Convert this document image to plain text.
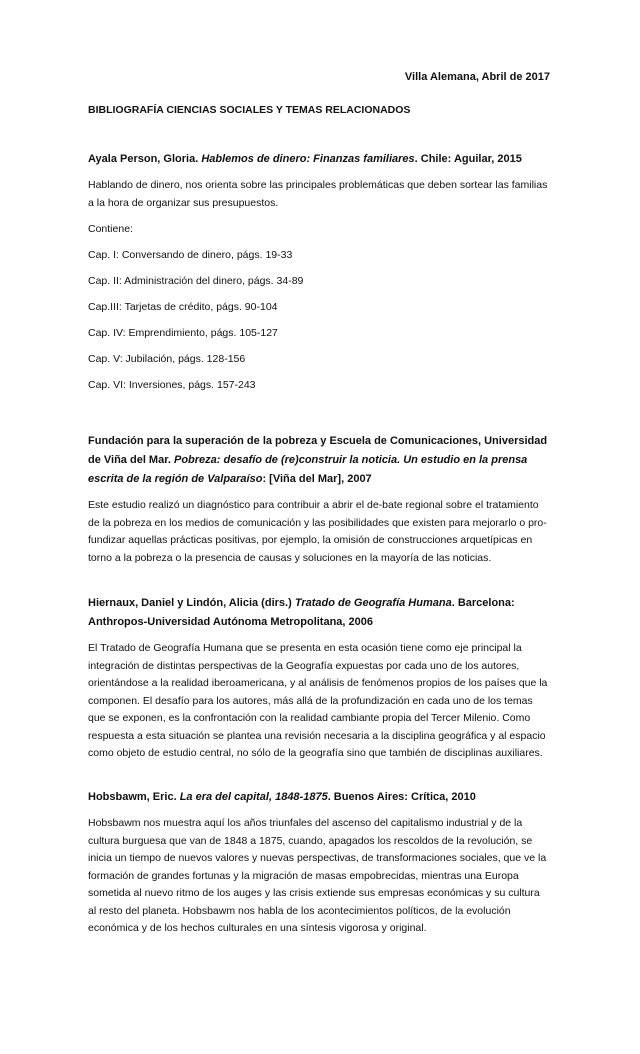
Villa Alemana, Abril de 2017
BIBLIOGRAFÍA CIENCIAS SOCIALES Y TEMAS RELACIONADOS

Ayala Person, Gloria. Hablemos de dinero: Finanzas familiares. Chile: Aguilar, 2015

Hablando de dinero, nos orienta sobre las principales problemáticas que deben sortear las familias a la hora de organizar sus presupuestos.

Contiene:

Cap. I: Conversando de dinero, págs. 19-33

Cap. II: Administración del dinero, págs. 34-89

Cap.III: Tarjetas de crédito, págs. 90-104

Cap. IV: Emprendimiento, págs. 105-127

Cap. V: Jubilación, págs. 128-156

Cap. VI: Inversiones, págs. 157-243

Fundación para la superación de la pobreza y Escuela de Comunicaciones, Universidad de Viña del Mar. Pobreza: desafío de (re)construir la noticia. Un estudio en la prensa escrita de la región de Valparaíso: [Viña del Mar], 2007

Este estudio realizó un diagnóstico para contribuir a abrir el de-bate regional sobre el tratamiento de la pobreza en los medios de comunicación y las posibilidades que existen para mejorarlo o pro-fundizar aquellas prácticas positivas, por ejemplo, la omisión de construcciones arquetípicas en torno a la pobreza o la presencia de causas y soluciones en la mayoría de las noticias.

Hiernaux, Daniel y Lindón, Alicia (dirs.) Tratado de Geografía Humana. Barcelona: Anthropos-Universidad Autónoma Metropolitana, 2006

El Tratado de Geografía Humana que se presenta en esta ocasión tiene como eje principal la integración de distintas perspectivas de la Geografía expuestas por cada uno de los autores, orientándose a la realidad iberoamericana, y al análisis de fenómenos propios de los países que la componen. El desafío para los autores, más allá de la profundización en cada uno de los temas que se exponen, es la confrontación con la realidad cambiante propia del Tercer Milenio. Como respuesta a esta situación se plantea una revisión necesaria a la disciplina geográfica y al espacio como objeto de estudio central, no sólo de la geografía sino que también de disciplinas auxiliares.

Hobsbawm, Eric. La era del capital, 1848-1875. Buenos Aires: Crítica, 2010

Hobsbawm nos muestra aquí los años triunfales del ascenso del capitalismo industrial y de la cultura burguesa que van de 1848 a 1875, cuando, apagados los rescoldos de la revolución, se inicia un tiempo de nuevos valores y nuevas perspectivas, de transformaciones sociales, que ve la formación de grandes fortunas y la migración de masas empobrecidas, mientras una Europa sometida al nuevo ritmo de los auges y las crisis extiende sus empresas económicas y su cultura al resto del planeta. Hobsbawm nos habla de los acontecimientos políticos, de la evolución económica y de los hechos culturales en una síntesis vigorosa y original.
